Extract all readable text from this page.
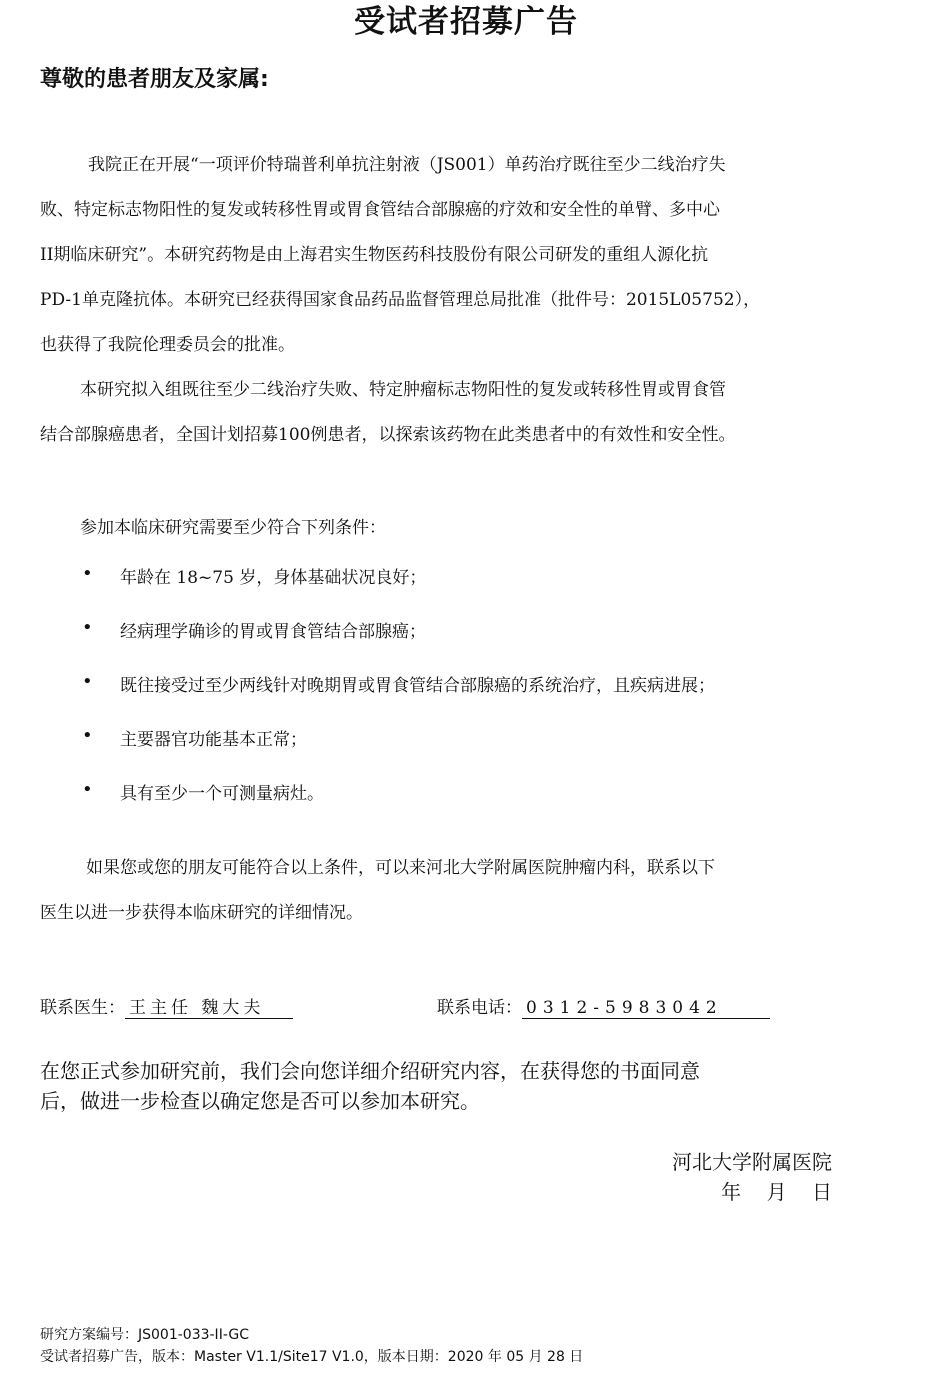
受试者招募广告
尊敬的患者朋友及家属:
我院正在开展“一项评价特瑞普利单抗注射液（JS001）单药治疗既往至少二线治疗失
败、特定标志物阳性的复发或转移性胃或胃食管结合部腺癌的疗效和安全性的单臂、多中心
II期临床研究”。本研究药物是由上海君实生物医药科技股份有限公司研发的重组人源化抗
PD-1单克隆抗体。本研究已经获得国家食品药品监督管理总局批准（批件号：2015L05752），
也获得了我院伦理委员会的批准。
本研究拟入组既往至少二线治疗失败、特定肿瘤标志物阳性的复发或转移性胃或胃食管
结合部腺癌患者，全国计划招募100例患者，以探索该药物在此类患者中的有效性和安全性。
参加本临床研究需要至少符合下列条件：
• 年龄在 18~75 岁，身体基础状况良好；
• 经病理学确诊的胃或胃食管结合部腺癌；
• 既往接受过至少两线针对晚期胃或胃食管结合部腺癌的系统治疗，且疾病进展；
• 主要器官功能基本正常；
• 具有至少一个可测量病灶。
如果您或您的朋友可能符合以上条件，可以来河北大学附属医院肿瘤内科，联系以下
医生以进一步获得本临床研究的详细情况。
联系医生： 王主任 魏大夫	联系电话： 0312-5983042
在您正式参加研究前，我们会向您详细介绍研究内容，在获得您的书面同意
后，做进一步检查以确定您是否可以参加本研究。
河北大学附属医院
年    月    日
研究方案编号：JS001-033-II-GC
受试者招募广告，版本：Master V1.1/Site17 V1.0，版本日期：2020 年 05 月 28 日
